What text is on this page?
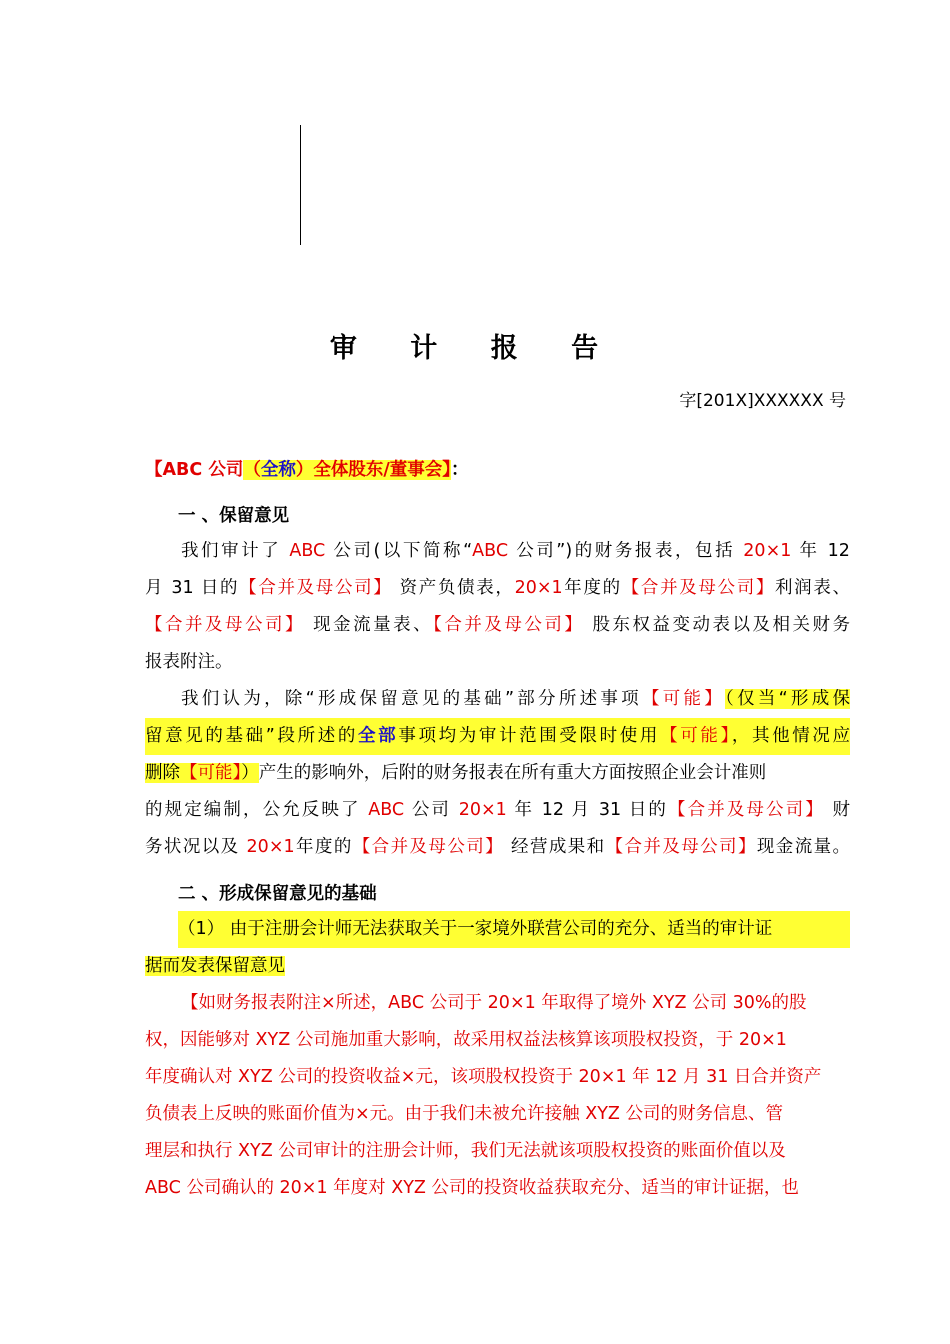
审 计 报 告
字[201X]XXXXXX 号
【ABC 公司（全称）全体股东/董事会】：
一 、保留意见
我们审计了 ABC 公司(以下简称“ABC 公司”)的财务报表，包括 20×1 年 12
月 31 日的【合并及母公司】 资产负债表，20×1年度的【合并及母公司】利润表、
【合并及母公司】 现金流量表、【合并及母公司】 股东权益变动表以及相关财务
报表附注。
我们认为，除“形成保留意见的基础”部分所述事项【可能】（仅当“形成保
留意见的基础”段所述的全部事项均为审计范围受限时使用【可能】，其他情况应
删除【可能】）产生的影响外，后附的财务报表在所有重大方面按照企业会计准则
的规定编制，公允反映了 ABC 公司 20×1 年 12 月 31 日的【合并及母公司】 财
务状况以及 20×1年度的【合并及母公司】 经营成果和【合并及母公司】现金流量。
二 、形成保留意见的基础
（1） 由于注册会计师无法获取关于一家境外联营公司的充分、适当的审计证
据而发表保留意见
【如财务报表附注×所述，ABC 公司于 20×1 年取得了境外 XYZ 公司 30%的股
权，因能够对 XYZ 公司施加重大影响，故采用权益法核算该项股权投资，于 20×1
年度确认对 XYZ 公司的投资收益×元，该项股权投资于 20×1 年 12 月 31 日合并资产
负债表上反映的账面价值为×元。由于我们未被允许接触 XYZ 公司的财务信息、管
理层和执行 XYZ 公司审计的注册会计师，我们无法就该项股权投资的账面价值以及
ABC 公司确认的 20×1 年度对 XYZ 公司的投资收益获取充分、适当的审计证据，也
